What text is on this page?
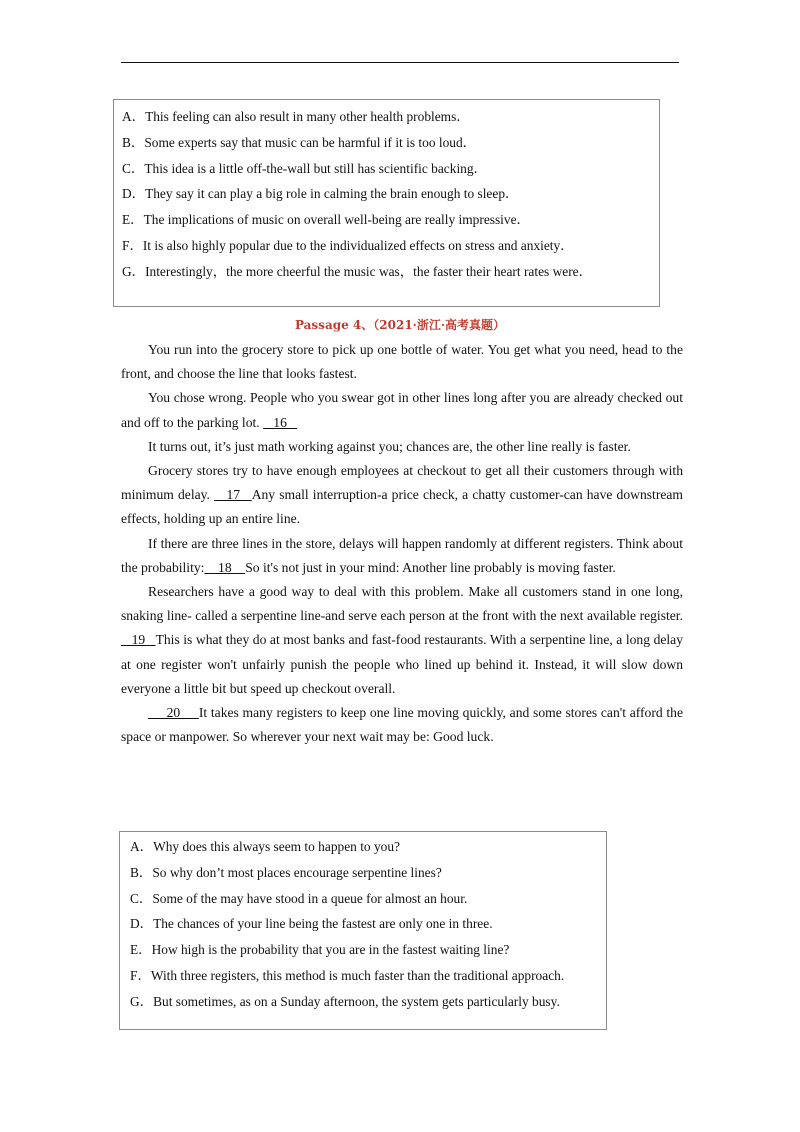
A．This feeling can also result in many other health problems．
B．Some experts say that music can be harmful if it is too loud．
C．This idea is a little off-the-wall but still has scientific backing．
D．They say it can play a big role in calming the brain enough to sleep．
E．The implications of music on overall well-being are really impressive．
F．It is also highly popular due to the individualized effects on stress and anxiety．
G．Interestingly，the more cheerful the music was，the faster their heart rates were．
Passage 4、（2021·浙江·高考真题）

You run into the grocery store to pick up one bottle of water. You get what you need, head to the front, and choose the line that looks fastest.

You chose wrong. People who you swear got in other lines long after you are already checked out and off to the parking lot.    16

It turns out, it’s just math working against you; chances are, the other line really is faster.

Grocery stores try to have enough employees at checkout to get all their customers through with minimum delay.    17   Any small interruption-a price check, a chatty customer-can have downstream effects, holding up an entire line.

If there are three lines in the store, delays will happen randomly at different registers. Think about the probability:    18    So it's not just in your mind: Another line probably is moving faster.

Researchers have a good way to deal with this problem. Make all customers stand in one long, snaking line- called a serpentine line-and serve each person at the front with the next available register.    19   This is what they do at most banks and fast-food restaurants. With a serpentine line, a long delay at one register won't unfairly punish the people who lined up behind it. Instead, it will slow down everyone a little bit but speed up checkout overall.

20     It takes many registers to keep one line moving quickly, and some stores can't afford the space or manpower. So wherever your next wait may be: Good luck.

A．Why does this always seem to happen to you?
B．So why don’t most places encourage serpentine lines?
C．Some of the may have stood in a queue for almost an hour.
D．The chances of your line being the fastest are only one in three.
E．How high is the probability that you are in the fastest waiting line?
F．With three registers, this method is much faster than the traditional approach.
G．But sometimes, as on a Sunday afternoon, the system gets particularly busy.
